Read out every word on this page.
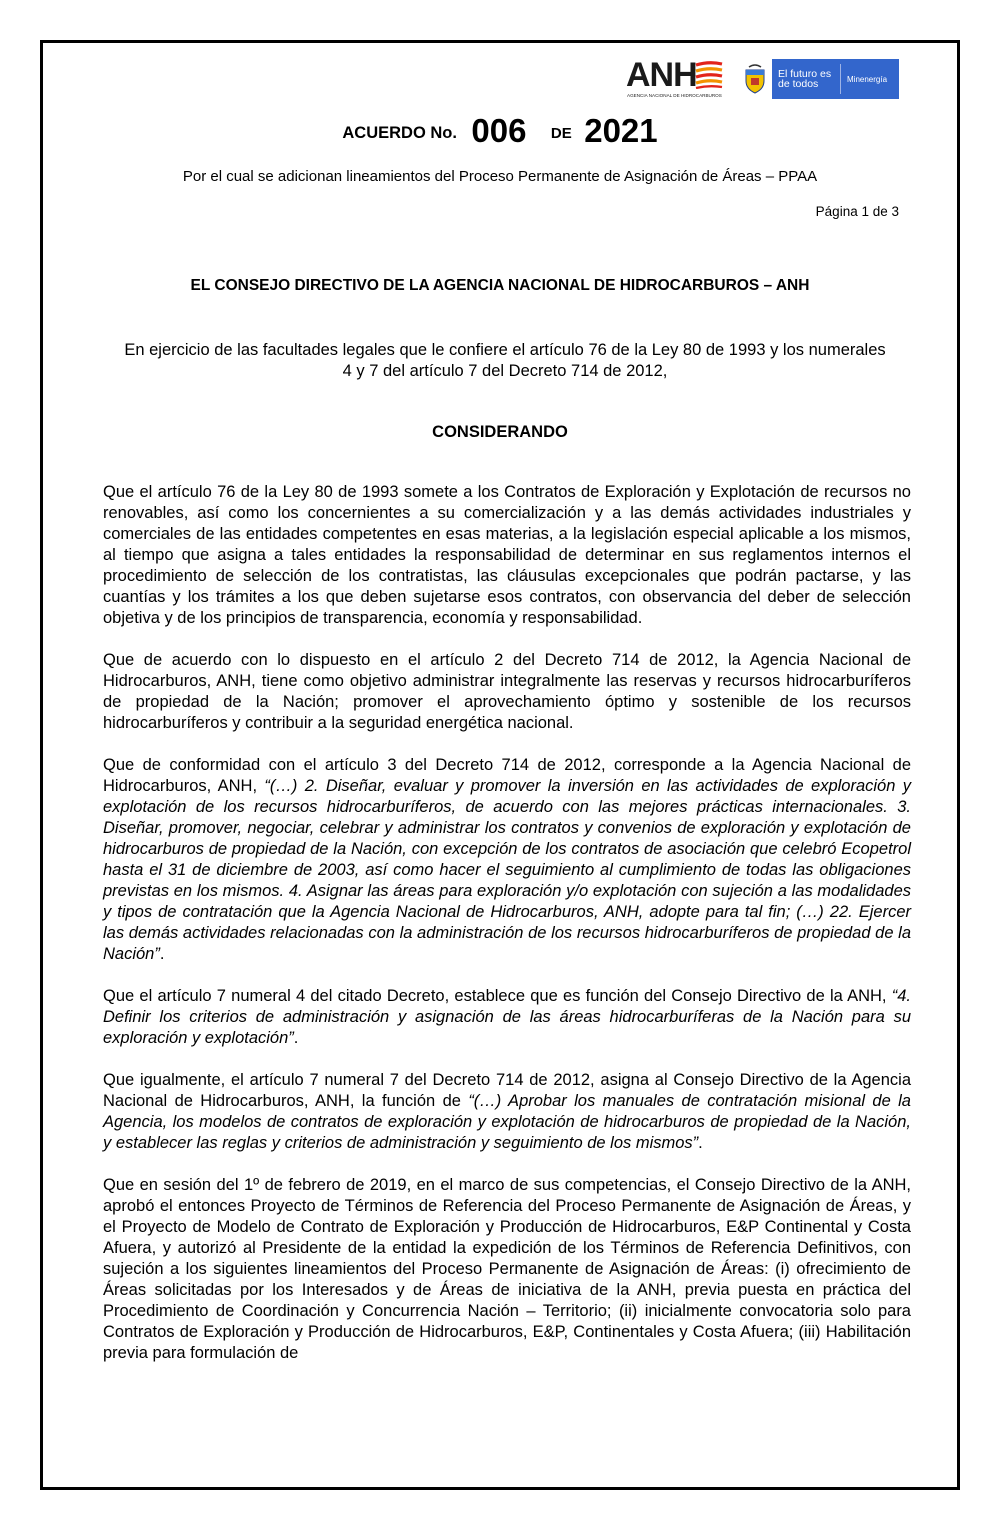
ANH
AGENCIA NACIONAL DE HIDROCARBUROS
El futuro es de todos	Minenergía
ACUERDO No. 006 DE 2021
Por el cual se adicionan lineamientos del Proceso Permanente de Asignación de Áreas – PPAA
Página 1 de 3
EL CONSEJO DIRECTIVO DE LA AGENCIA NACIONAL DE HIDROCARBUROS – ANH
En ejercicio de las facultades legales que le confiere el artículo 76 de la Ley 80 de 1993 y los numerales 4 y 7 del artículo 7 del Decreto 714 de 2012,
CONSIDERANDO

Que el artículo 76 de la Ley 80 de 1993 somete a los Contratos de Exploración y Explotación de recursos no renovables, así como los concernientes a su comercialización y a las demás actividades industriales y comerciales de las entidades competentes en esas materias, a la legislación especial aplicable a los mismos, al tiempo que asigna a tales entidades la responsabilidad de determinar en sus reglamentos internos el procedimiento de selección de los contratistas, las cláusulas excepcionales que podrán pactarse, y las cuantías y los trámites a los que deben sujetarse esos contratos, con observancia del deber de selección objetiva y de los principios de transparencia, economía y responsabilidad.

Que de acuerdo con lo dispuesto en el artículo 2 del Decreto 714 de 2012, la Agencia Nacional de Hidrocarburos, ANH, tiene como objetivo administrar integralmente las reservas y recursos hidrocarburíferos de propiedad de la Nación; promover el aprovechamiento óptimo y sostenible de los recursos hidrocarburíferos y contribuir a la seguridad energética nacional.

Que de conformidad con el artículo 3 del Decreto 714 de 2012, corresponde a la Agencia Nacional de Hidrocarburos, ANH, “(…) 2. Diseñar, evaluar y promover la inversión en las actividades de exploración y explotación de los recursos hidrocarburíferos, de acuerdo con las mejores prácticas internacionales. 3. Diseñar, promover, negociar, celebrar y administrar los contratos y convenios de exploración y explotación de hidrocarburos de propiedad de la Nación, con excepción de los contratos de asociación que celebró Ecopetrol hasta el 31 de diciembre de 2003, así como hacer el seguimiento al cumplimiento de todas las obligaciones previstas en los mismos. 4. Asignar las áreas para exploración y/o explotación con sujeción a las modalidades y tipos de contratación que la Agencia Nacional de Hidrocarburos, ANH, adopte para tal fin; (…) 22. Ejercer las demás actividades relacionadas con la administración de los recursos hidrocarburíferos de propiedad de la Nación”.

Que el artículo 7 numeral 4 del citado Decreto, establece que es función del Consejo Directivo de la ANH, “4. Definir los criterios de administración y asignación de las áreas hidrocarburíferas de la Nación para su exploración y explotación”.

Que igualmente, el artículo 7 numeral 7 del Decreto 714 de 2012, asigna al Consejo Directivo de la Agencia Nacional de Hidrocarburos, ANH, la función de “(…) Aprobar los manuales de contratación misional de la Agencia, los modelos de contratos de exploración y explotación de hidrocarburos de propiedad de la Nación, y establecer las reglas y criterios de administración y seguimiento de los mismos”.

Que en sesión del 1º de febrero de 2019, en el marco de sus competencias, el Consejo Directivo de la ANH, aprobó el entonces Proyecto de Términos de Referencia del Proceso Permanente de Asignación de Áreas, y el Proyecto de Modelo de Contrato de Exploración y Producción de Hidrocarburos, E&P Continental y Costa Afuera, y autorizó al Presidente de la entidad la expedición de los Términos de Referencia Definitivos, con sujeción a los siguientes lineamientos del Proceso Permanente de Asignación de Áreas: (i) ofrecimiento de Áreas solicitadas por los Interesados y de Áreas de iniciativa de la ANH, previa puesta en práctica del Procedimiento de Coordinación y Concurrencia Nación – Territorio; (ii) inicialmente convocatoria solo para Contratos de Exploración y Producción de Hidrocarburos, E&P, Continentales y Costa Afuera; (iii) Habilitación previa para formulación de
